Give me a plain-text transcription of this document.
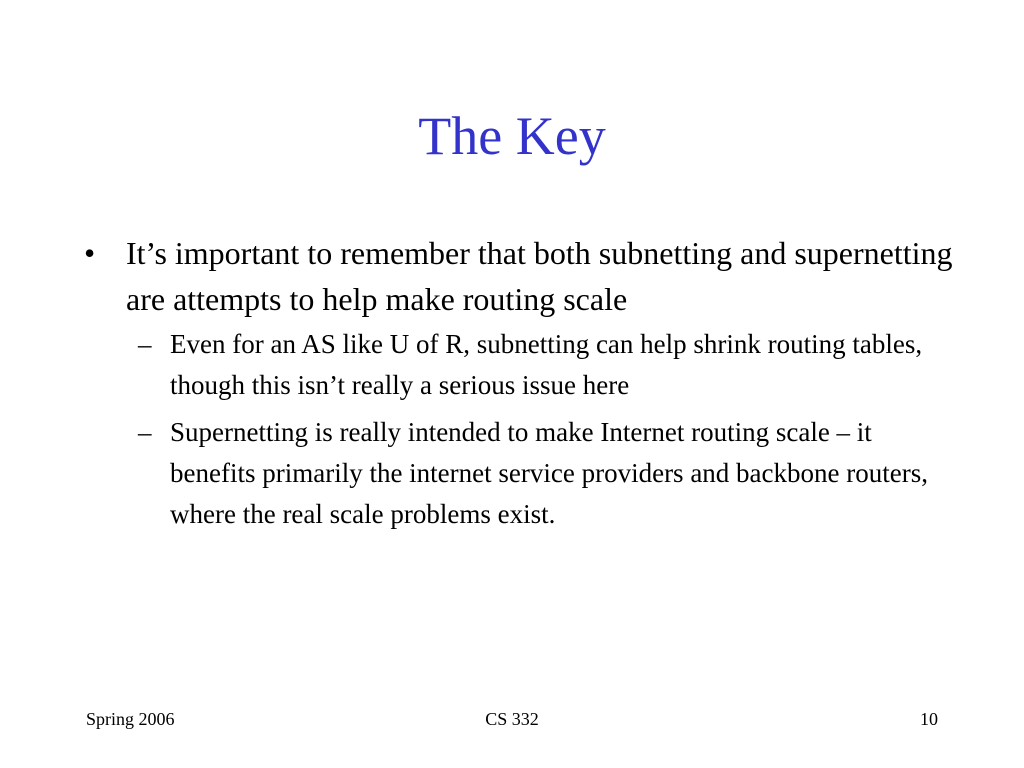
The Key
• It’s important to remember that both subnetting and supernetting are attempts to help make routing scale
– Even for an AS like U of R, subnetting can help shrink routing tables, though this isn’t really a serious issue here
– Supernetting is really intended to make Internet routing scale – it benefits primarily the internet service providers and backbone routers, where the real scale problems exist.
Spring 2006	CS 332	10
